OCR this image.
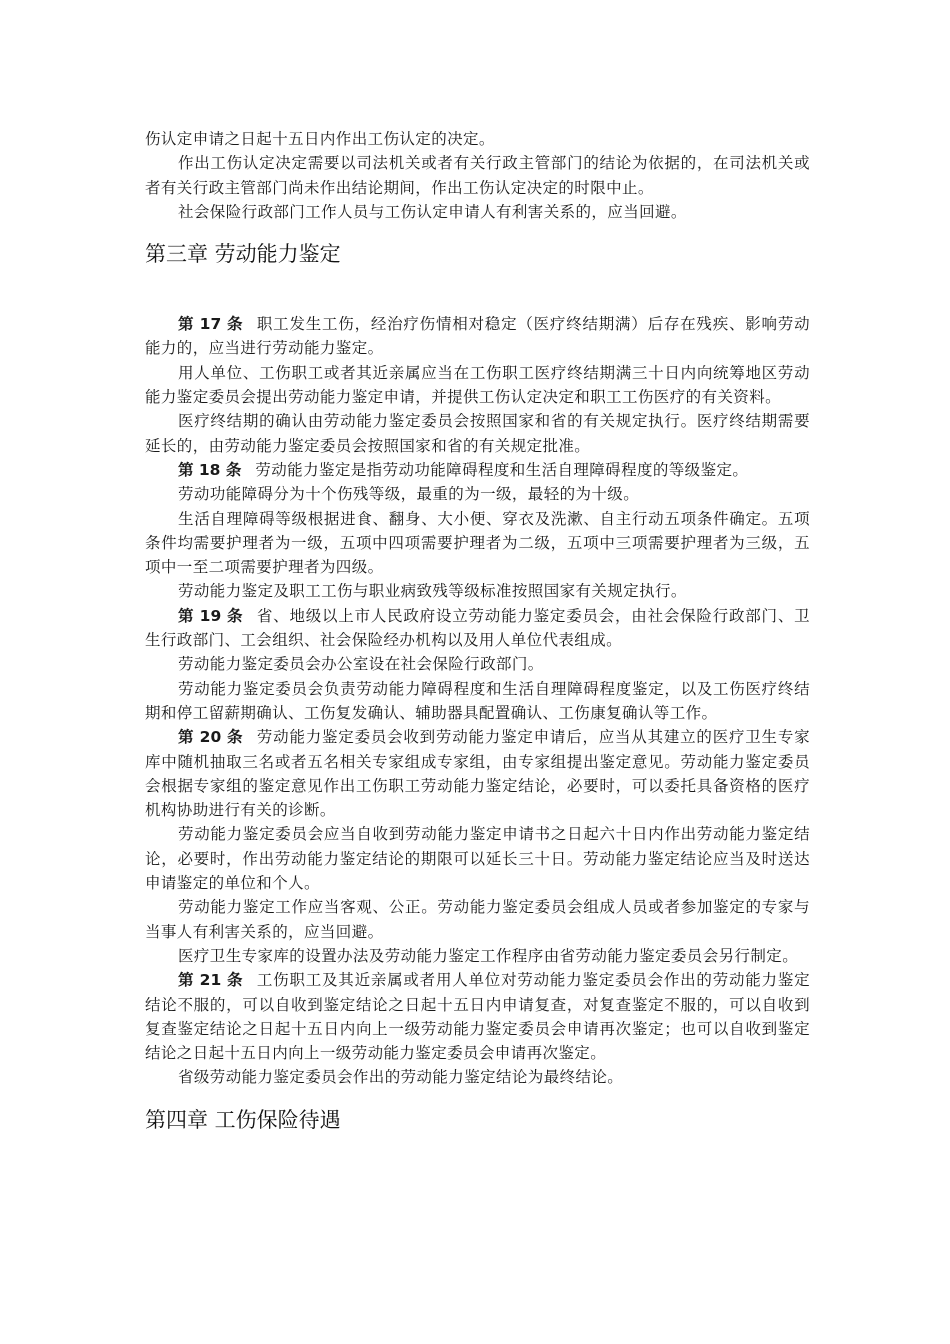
伤认定申请之日起十五日内作出工伤认定的决定。

作出工伤认定决定需要以司法机关或者有关行政主管部门的结论为依据的，在司法机关或者有关行政主管部门尚未作出结论期间，作出工伤认定决定的时限中止。

社会保险行政部门工作人员与工伤认定申请人有利害关系的，应当回避。

第三章 劳动能力鉴定

第 17 条 职工发生工伤，经治疗伤情相对稳定（医疗终结期满）后存在残疾、影响劳动能力的，应当进行劳动能力鉴定。

用人单位、工伤职工或者其近亲属应当在工伤职工医疗终结期满三十日内向统筹地区劳动能力鉴定委员会提出劳动能力鉴定申请，并提供工伤认定决定和职工工伤医疗的有关资料。

医疗终结期的确认由劳动能力鉴定委员会按照国家和省的有关规定执行。医疗终结期需要延长的，由劳动能力鉴定委员会按照国家和省的有关规定批准。

第 18 条 劳动能力鉴定是指劳动功能障碍程度和生活自理障碍程度的等级鉴定。

劳动功能障碍分为十个伤残等级，最重的为一级，最轻的为十级。

生活自理障碍等级根据进食、翻身、大小便、穿衣及洗漱、自主行动五项条件确定。五项条件均需要护理者为一级，五项中四项需要护理者为二级，五项中三项需要护理者为三级，五项中一至二项需要护理者为四级。

劳动能力鉴定及职工工伤与职业病致残等级标准按照国家有关规定执行。

第 19 条 省、地级以上市人民政府设立劳动能力鉴定委员会，由社会保险行政部门、卫生行政部门、工会组织、社会保险经办机构以及用人单位代表组成。

劳动能力鉴定委员会办公室设在社会保险行政部门。

劳动能力鉴定委员会负责劳动能力障碍程度和生活自理障碍程度鉴定，以及工伤医疗终结期和停工留薪期确认、工伤复发确认、辅助器具配置确认、工伤康复确认等工作。

第 20 条 劳动能力鉴定委员会收到劳动能力鉴定申请后，应当从其建立的医疗卫生专家库中随机抽取三名或者五名相关专家组成专家组，由专家组提出鉴定意见。劳动能力鉴定委员会根据专家组的鉴定意见作出工伤职工劳动能力鉴定结论，必要时，可以委托具备资格的医疗机构协助进行有关的诊断。

劳动能力鉴定委员会应当自收到劳动能力鉴定申请书之日起六十日内作出劳动能力鉴定结论，必要时，作出劳动能力鉴定结论的期限可以延长三十日。劳动能力鉴定结论应当及时送达申请鉴定的单位和个人。

劳动能力鉴定工作应当客观、公正。劳动能力鉴定委员会组成人员或者参加鉴定的专家与当事人有利害关系的，应当回避。

医疗卫生专家库的设置办法及劳动能力鉴定工作程序由省劳动能力鉴定委员会另行制定。

第 21 条 工伤职工及其近亲属或者用人单位对劳动能力鉴定委员会作出的劳动能力鉴定结论不服的，可以自收到鉴定结论之日起十五日内申请复查，对复查鉴定不服的，可以自收到复查鉴定结论之日起十五日内向上一级劳动能力鉴定委员会申请再次鉴定；也可以自收到鉴定结论之日起十五日内向上一级劳动能力鉴定委员会申请再次鉴定。

省级劳动能力鉴定委员会作出的劳动能力鉴定结论为最终结论。

第四章 工伤保险待遇
